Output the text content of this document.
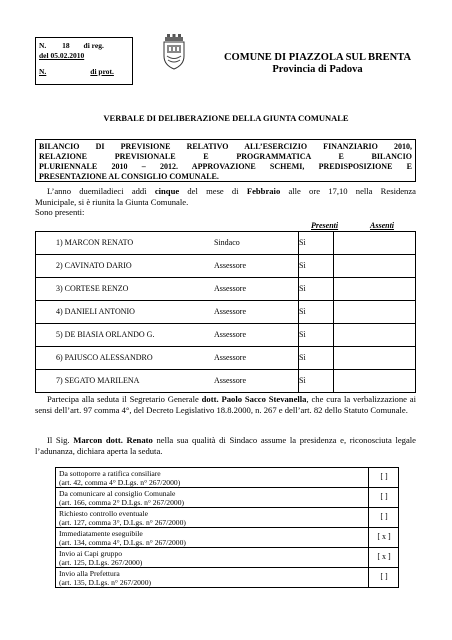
N. 18 di reg.
del 05.02.2010
N.	di prot.
COMUNE DI PIAZZOLA SUL BRENTA
Provincia di Padova
VERBALE DI DELIBERAZIONE DELLA GIUNTA COMUNALE
BILANCIO DI PREVISIONE RELATIVO ALL’ESERCIZIO FINANZIARIO 2010,
RELAZIONE PREVISIONALE E PROGRAMMATICA E BILANCIO
PLURIENNALE 2010 – 2012. APPROVAZIONE SCHEMI, PREDISPOSIZIONE E
PRESENTAZIONE AL CONSIGLIO COMUNALE.
L’anno duemiladieci addì cinque del mese di Febbraio alle ore 17,10 nella Residenza
Municipale, si è riunita la Giunta Comunale.
Sono presenti:
Presenti	Assenti
1) MARCON RENATO	Sindaco	Sì
2) CAVINATO DARIO	Assessore	Sì
3) CORTESE RENZO	Assessore	Sì
4) DANIELI ANTONIO	Assessore	Sì
5) DE BIASIA ORLANDO G.	Assessore	Sì
6) PAIUSCO ALESSANDRO	Assessore	Sì
7) SEGATO MARILENA	Assessore	Sì
Partecipa alla seduta il Segretario Generale dott. Paolo Sacco Stevanella, che cura la verbalizzazione ai sensi dell’art. 97 comma 4°, del Decreto Legislativo 18.8.2000, n. 267 e dell’art. 82 dello Statuto Comunale.
Il Sig. Marcon dott. Renato nella sua qualità di Sindaco assume la presidenza e, riconosciuta legale l’adunanza, dichiara aperta la seduta.
Da sottoporre a ratifica consiliare
(art. 42, comma 4° D.Lgs. n° 267/2000)
[ ]
Da comunicare al consiglio Comunale
(art. 166, comma 2° D.Lgs. n° 267/2000)
[ ]
Richiesto controllo eventuale
(art. 127, comma 3°, D.Lgs. n° 267/2000)
[ ]
Immediatamente eseguibile
(art. 134, comma 4°, D.Lgs. n° 267/2000)
[ x ]
Invio ai Capi gruppo
(art. 125, D.Lgs. 267/2000)
[ x ]
Invio alla Prefettura
(art. 135, D.Lgs. n° 267/2000)
[ ]
